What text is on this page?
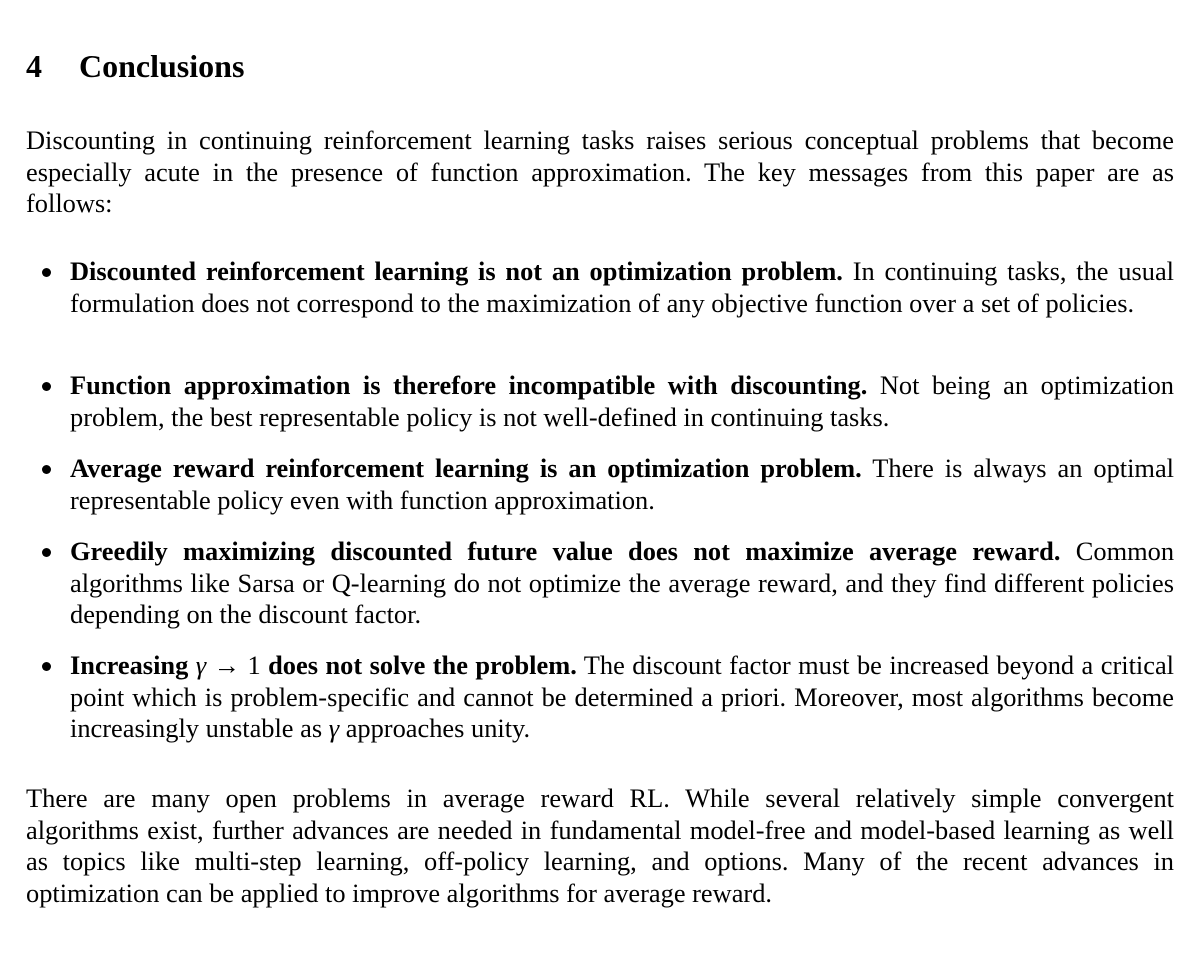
4 Conclusions

Discounting in continuing reinforcement learning tasks raises serious conceptual problems that become especially acute in the presence of function approximation. The key messages from this paper are as follows:

Discounted reinforcement learning is not an optimization problem. In continuing tasks, the usual formulation does not correspond to the maximization of any objective function over a set of policies.
Function approximation is therefore incompatible with discounting. Not being an optimization problem, the best representable policy is not well-defined in continuing tasks.
Average reward reinforcement learning is an optimization problem. There is always an optimal representable policy even with function approximation.
Greedily maximizing discounted future value does not maximize average reward. Common algorithms like Sarsa or Q-learning do not optimize the average reward, and they find different policies depending on the discount factor.
Increasing γ → 1 does not solve the problem. The discount factor must be increased beyond a critical point which is problem-specific and cannot be determined a priori. Moreover, most algorithms become increasingly unstable as γ approaches unity.

There are many open problems in average reward RL. While several relatively simple convergent algorithms exist, further advances are needed in fundamental model-free and model-based learning as well as topics like multi-step learning, off-policy learning, and options. Many of the recent advances in optimization can be applied to improve algorithms for average reward.
